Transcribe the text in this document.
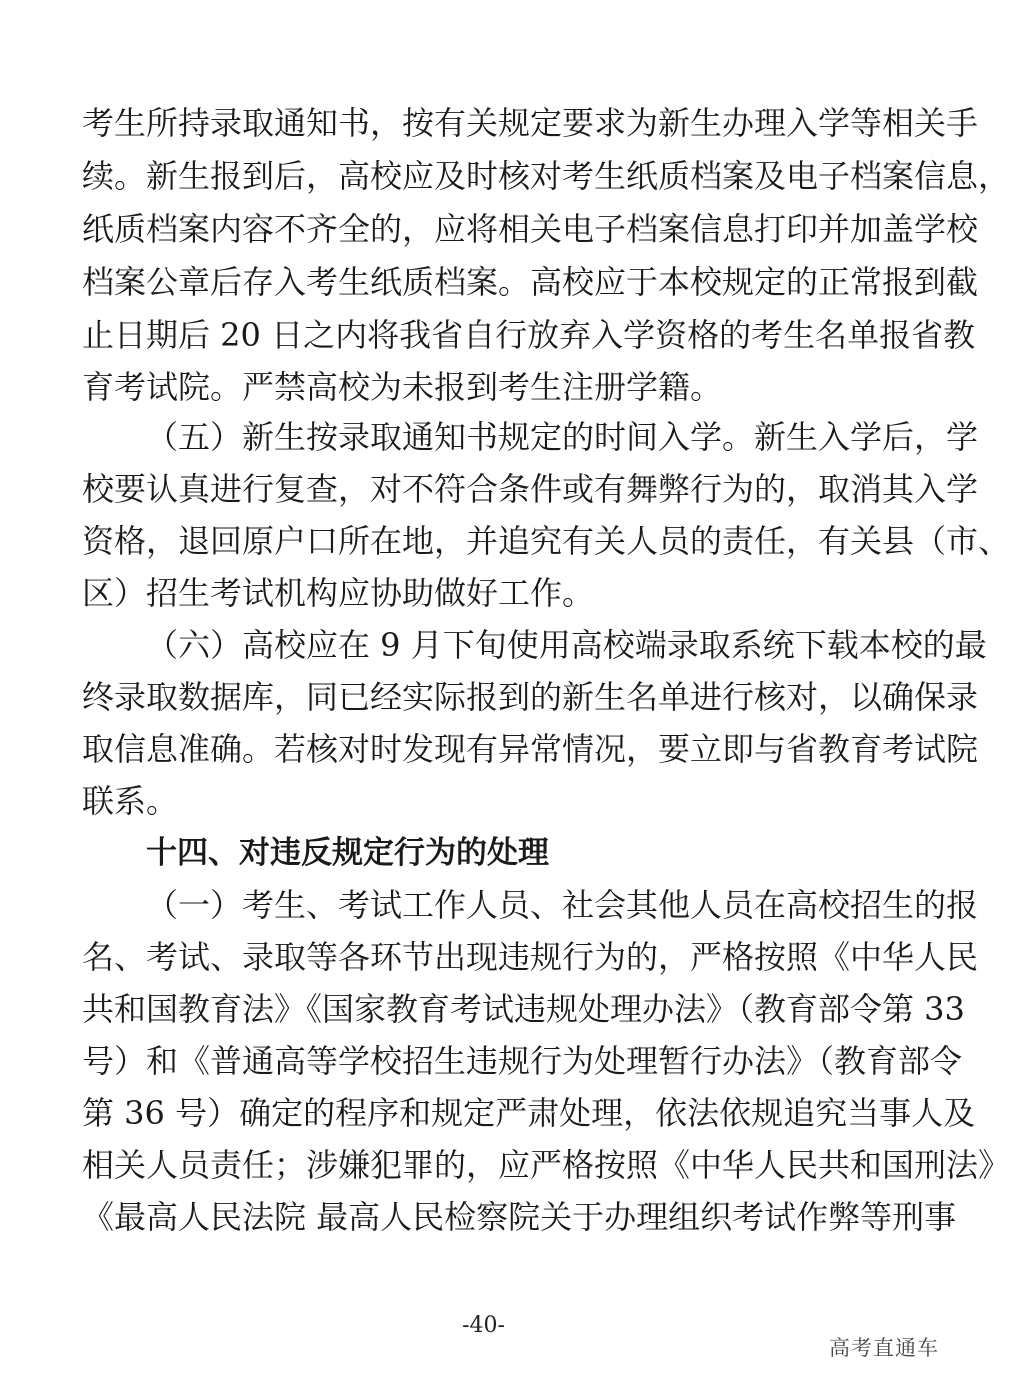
考生所持录取通知书，按有关规定要求为新生办理入学等相关手
续。新生报到后，高校应及时核对考生纸质档案及电子档案信息，
纸质档案内容不齐全的，应将相关电子档案信息打印并加盖学校
档案公章后存入考生纸质档案。高校应于本校规定的正常报到截
止日期后 20 日之内将我省自行放弃入学资格的考生名单报省教
育考试院。严禁高校为未报到考生注册学籍。
（五）新生按录取通知书规定的时间入学。新生入学后，学
校要认真进行复查，对不符合条件或有舞弊行为的，取消其入学
资格，退回原户口所在地，并追究有关人员的责任，有关县（市、
区）招生考试机构应协助做好工作。
（六）高校应在 9 月下旬使用高校端录取系统下载本校的最
终录取数据库，同已经实际报到的新生名单进行核对，以确保录
取信息准确。若核对时发现有异常情况，要立即与省教育考试院
联系。
十四、对违反规定行为的处理
（一）考生、考试工作人员、社会其他人员在高校招生的报
名、考试、录取等各环节出现违规行为的，严格按照《中华人民
共和国教育法》《国家教育考试违规处理办法》（教育部令第 33
号）和《普通高等学校招生违规行为处理暂行办法》（教育部令
第 36 号）确定的程序和规定严肃处理，依法依规追究当事人及
相关人员责任；涉嫌犯罪的，应严格按照《中华人民共和国刑法》
《最高人民法院 最高人民检察院关于办理组织考试作弊等刑事
-40-
高考直通车
